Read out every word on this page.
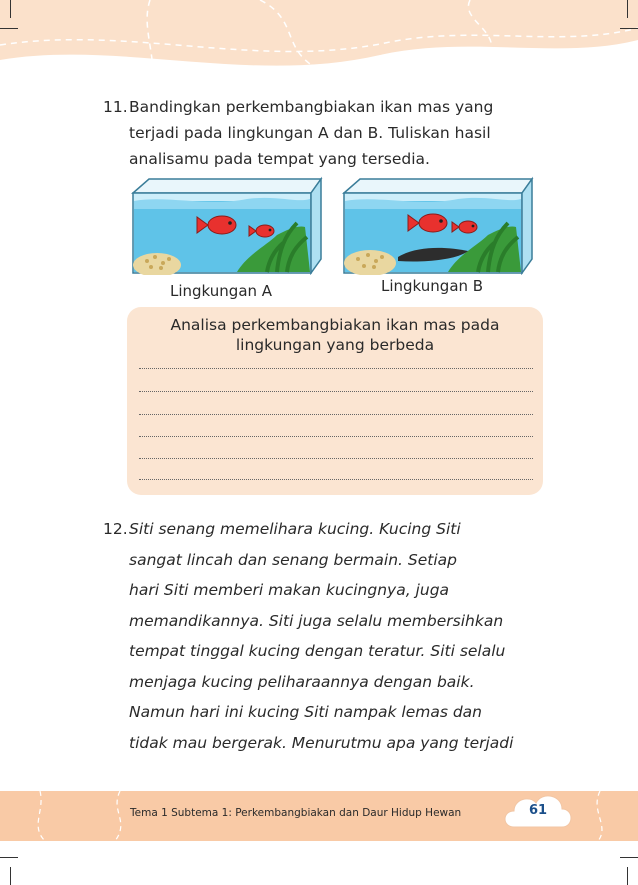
11. Bandingkan perkembangbiakan ikan mas yang
terjadi pada lingkungan A dan B. Tuliskan hasil
analisamu pada tempat yang tersedia.
Lingkungan A	Lingkungan B
Analisa perkembangbiakan ikan mas pada
lingkungan yang berbeda
12. Siti senang memelihara kucing. Kucing Siti
sangat lincah dan senang bermain. Setiap
hari Siti memberi makan kucingnya, juga
memandikannya. Siti juga selalu membersihkan
tempat tinggal kucing dengan teratur. Siti selalu
menjaga kucing peliharaannya dengan baik.
Namun hari ini kucing Siti nampak lemas dan
tidak mau bergerak. Menurutmu apa yang terjadi
Tema 1 Subtema 1: Perkembangbiakan dan Daur Hidup Hewan	61
